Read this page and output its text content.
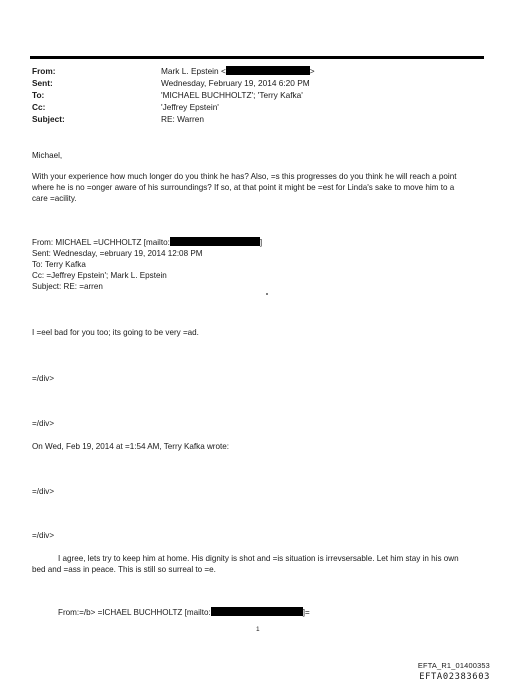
From:	Mark L. Epstein <	>
Sent:	Wednesday, February 19, 2014 6:20 PM
To:	'MICHAEL BUCHHOLTZ'; 'Terry Kafka'
Cc:	'Jeffrey Epstein'
Subject:	RE: Warren
Michael,
With your experience how much longer do you think he has? Also, =s this progresses do you think he will reach a point
where he is no =onger aware of his surroundings? If so, at that point it might be =est for Linda's sake to move him to a
care =acility.
From: MICHAEL =UCHHOLTZ [mailto:	]
Sent: Wednesday, =ebruary 19, 2014 12:08 PM
To: Terry Kafka
Cc: =Jeffrey Epstein'; Mark L. Epstein
Subject: RE: =arren
I =eel bad for you too; its going to be very =ad.
=/div>
=/div>
On Wed, Feb 19, 2014 at =1:54 AM, Terry Kafka wrote:
=/div>
=/div>
I agree, lets try to keep him at home. His dignity is shot and =is situation is irrevsersable. Let him stay in his own
bed and =ass in peace. This is still so surreal to =e.
From:=/b> =ICHAEL BUCHHOLTZ [mailto:	]=
1
EFTA_R1_01400353
EFTA02383603
